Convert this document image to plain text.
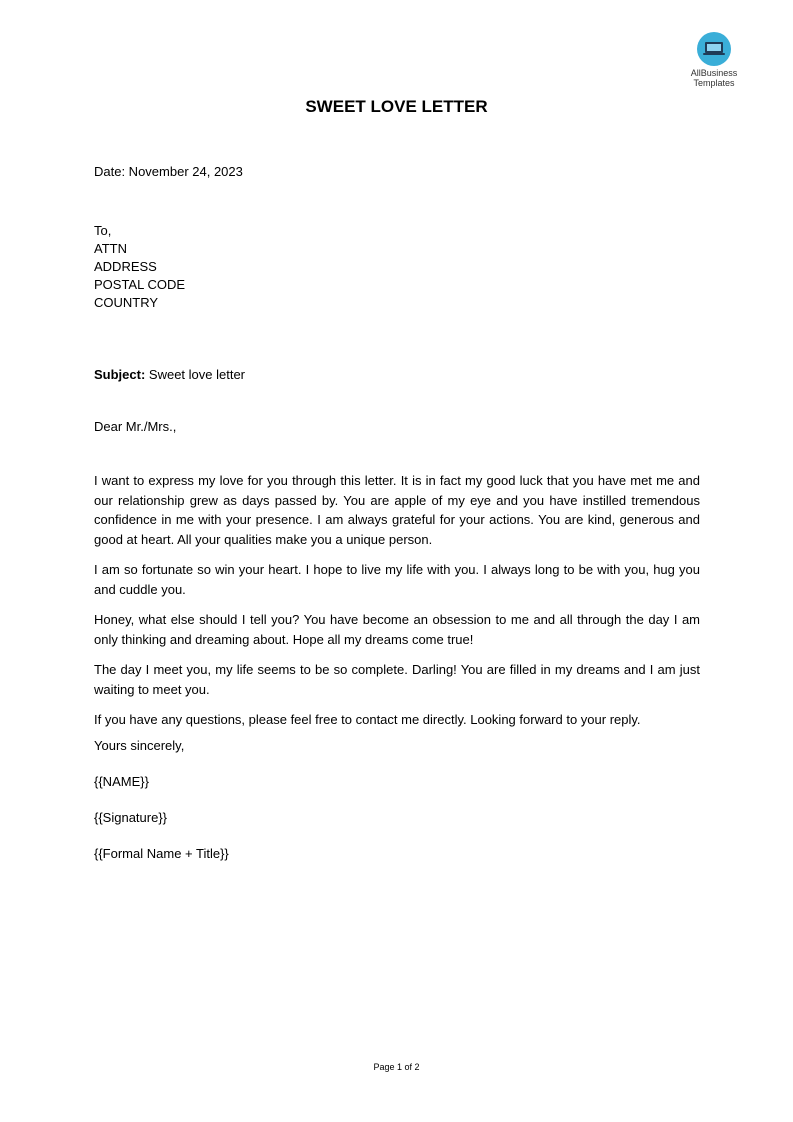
AllBusiness
Templates
SWEET LOVE LETTER
Date: November 24, 2023
To,
ATTN
ADDRESS
POSTAL CODE
COUNTRY
Subject: Sweet love letter
Dear Mr./Mrs.,

I want to express my love for you through this letter. It is in fact my good luck that you have met me and our relationship grew as days passed by. You are apple of my eye and you have instilled tremendous confidence in me with your presence. I am always grateful for your actions. You are kind, generous and good at heart. All your qualities make you a unique person.

I am so fortunate so win your heart. I hope to live my life with you. I always long to be with you, hug you and cuddle you.

Honey, what else should I tell you? You have become an obsession to me and all through the day I am only thinking and dreaming about. Hope all my dreams come true!

The day I meet you, my life seems to be so complete. Darling! You are filled in my dreams and I am just waiting to meet you.

If you have any questions, please feel free to contact me directly. Looking forward to your reply.

Yours sincerely,
{{NAME}}
{{Signature}}
{{Formal Name + Title}}
Page 1 of 2
